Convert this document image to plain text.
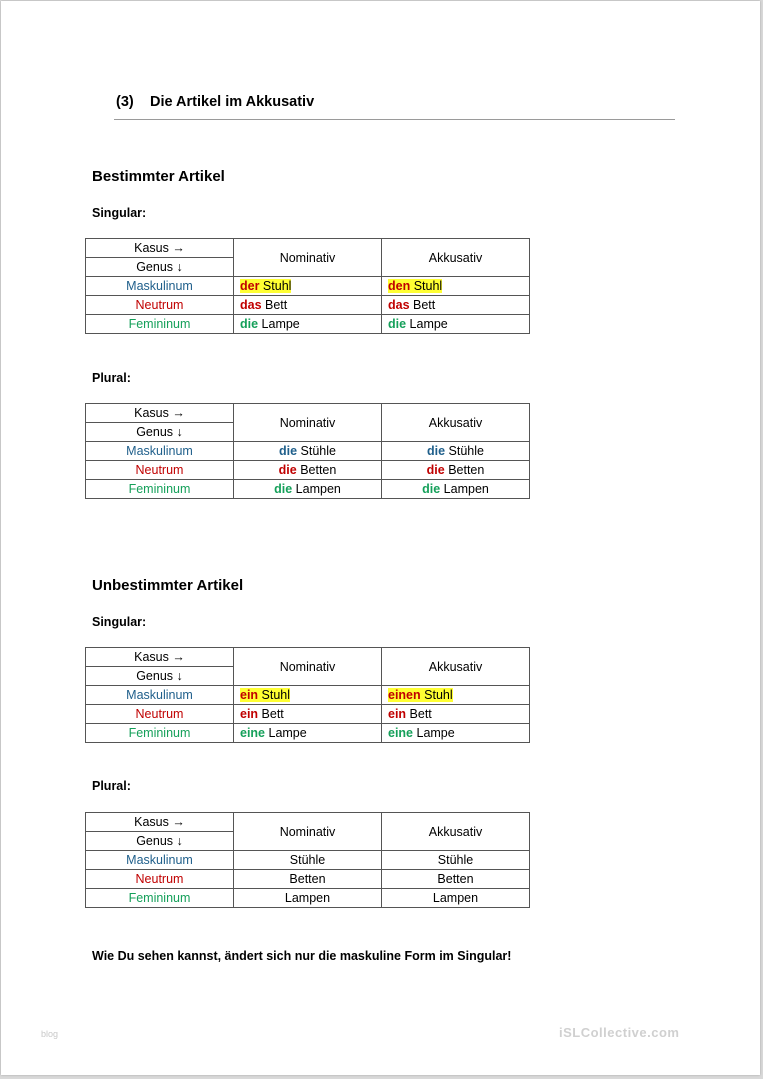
(3) Die Artikel im Akkusativ
Bestimmter Artikel
Singular:
Kasus →	Nominativ	Akkusativ
Genus ↓		
Maskulinum	der Stuhl	den Stuhl
Neutrum	das Bett	das Bett
Femininum	die Lampe	die Lampe
Plural:
Kasus →	Nominativ	Akkusativ
Genus ↓		
Maskulinum	die Stühle	die Stühle
Neutrum	die Betten	die Betten
Femininum	die Lampen	die Lampen
Unbestimmter Artikel
Singular:
Kasus →	Nominativ	Akkusativ
Genus ↓		
Maskulinum	ein Stuhl	einen Stuhl
Neutrum	ein Bett	ein Bett
Femininum	eine Lampe	eine Lampe
Plural:
Kasus →	Nominativ	Akkusativ
Genus ↓		
Maskulinum	Stühle	Stühle
Neutrum	Betten	Betten
Femininum	Lampen	Lampen
Wie Du sehen kannst, ändert sich nur die maskuline Form im Singular!
blog	iSLCollective.com
